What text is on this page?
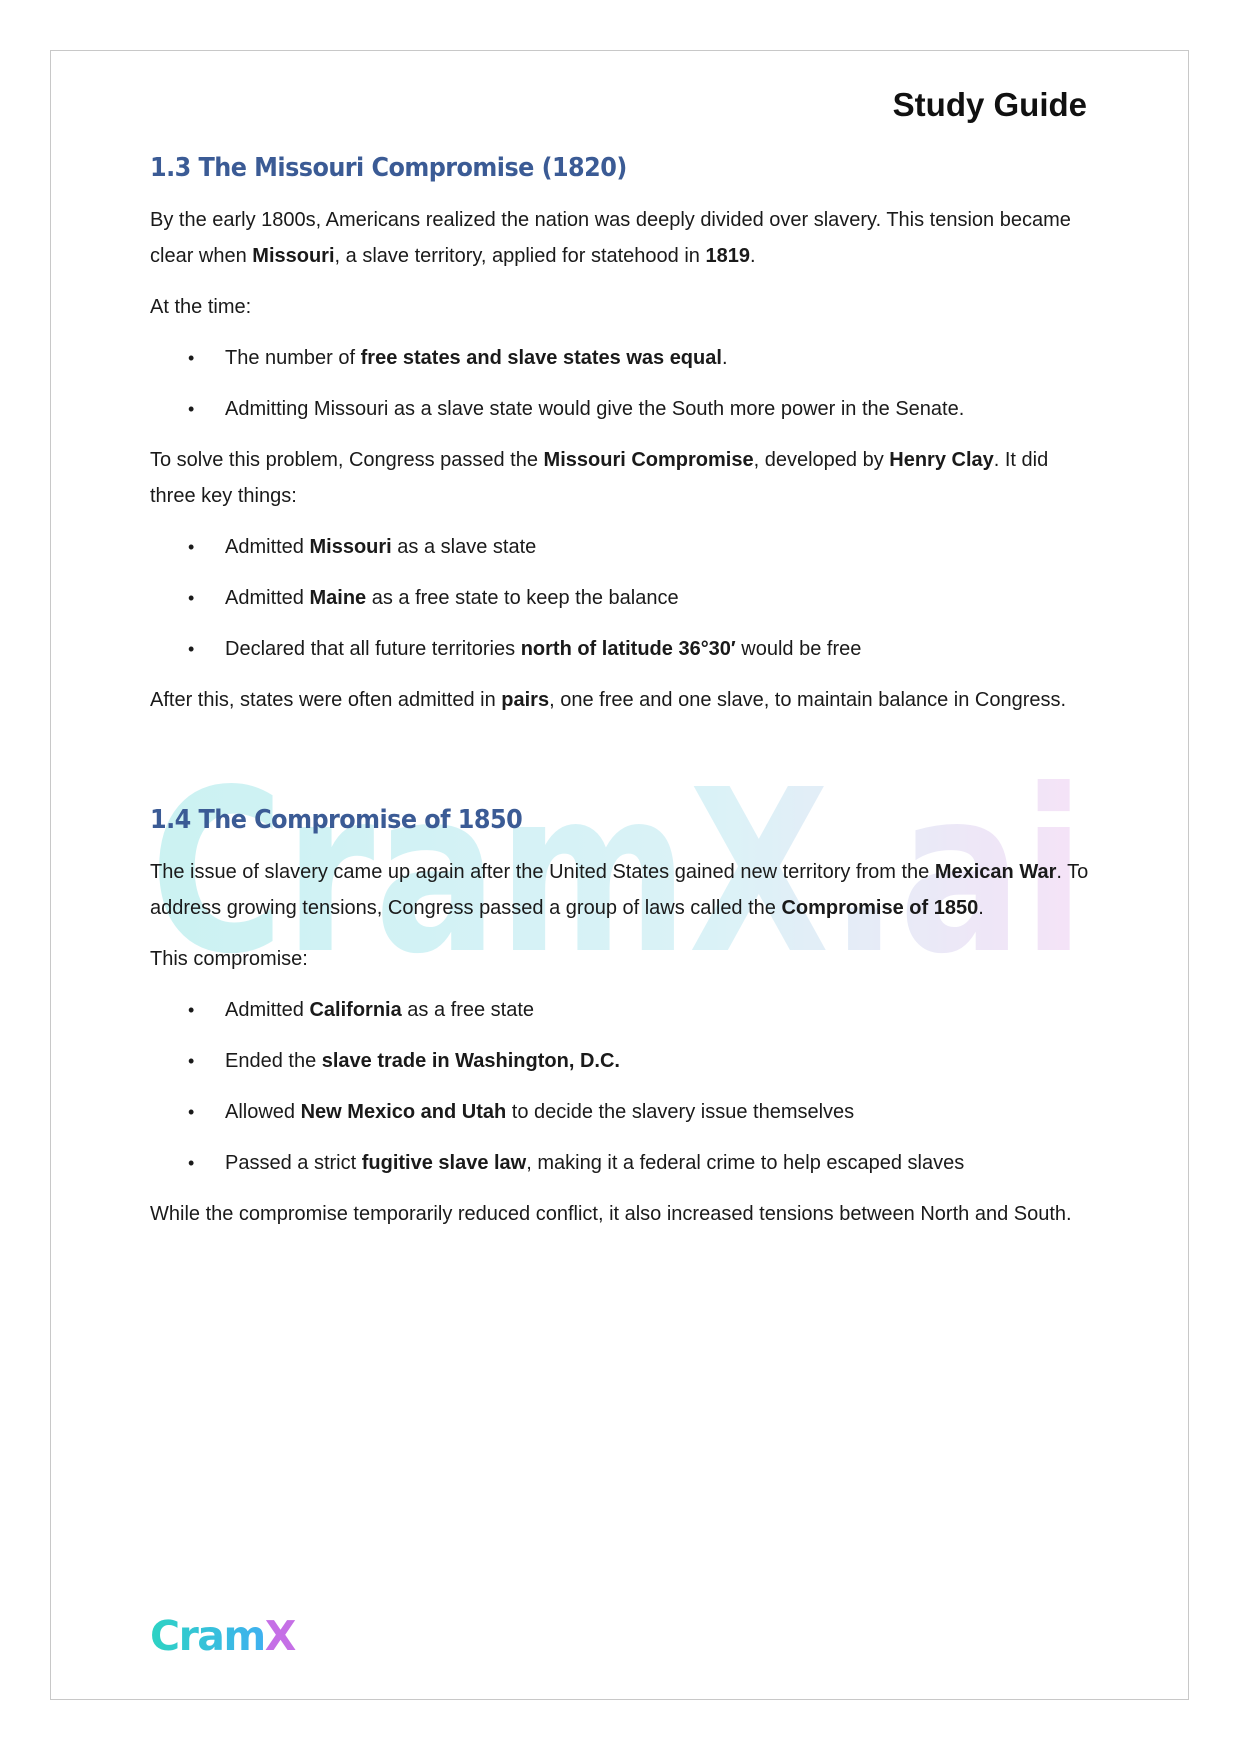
CramX.ai
Study Guide
1.3 The Missouri Compromise (1820)

By the early 1800s, Americans realized the nation was deeply divided over slavery. This tension became clear when Missouri, a slave territory, applied for statehood in 1819.

At the time:

• The number of free states and slave states was equal.
• Admitting Missouri as a slave state would give the South more power in the Senate.

To solve this problem, Congress passed the Missouri Compromise, developed by Henry Clay. It did three key things:

• Admitted Missouri as a slave state
• Admitted Maine as a free state to keep the balance
• Declared that all future territories north of latitude 36°30′ would be free

After this, states were often admitted in pairs, one free and one slave, to maintain balance in Congress.

1.4 The Compromise of 1850

The issue of slavery came up again after the United States gained new territory from the Mexican War. To address growing tensions, Congress passed a group of laws called the Compromise of 1850.

This compromise:

• Admitted California as a free state
• Ended the slave trade in Washington, D.C.
• Allowed New Mexico and Utah to decide the slavery issue themselves
• Passed a strict fugitive slave law, making it a federal crime to help escaped slaves

While the compromise temporarily reduced conflict, it also increased tensions between North and South.

CramX
